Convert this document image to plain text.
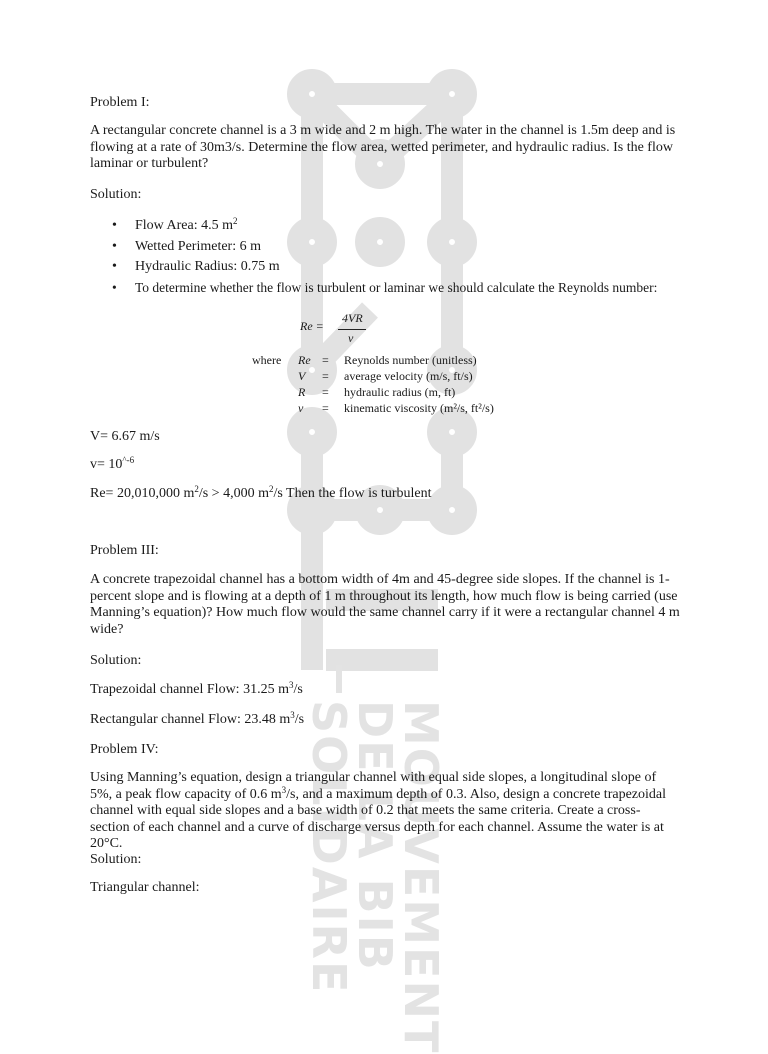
MOUVEMENT
DE LA BIB
SOLIDAIRE
Problem I:
A rectangular concrete channel is a 3 m wide and 2 m high. The water in the channel is 1.5m deep and is flowing at a rate of 30m3/s. Determine the flow area, wetted perimeter, and hydraulic radius. Is the flow laminar or turbulent?
Solution:
• Flow Area: 4.5 $m^2$
• Wetted Perimeter: 6 m
• Hydraulic Radius: 0.75 m
• To determine whether the flow is turbulent or laminar we should calculate the Reynolds number:
Re =
4VR
ν
where Re = Reynolds number (unitless)
V = average velocity (m/s, ft/s)
R = hydraulic radius (m, ft)
ν = kinematic viscosity (m²/s, ft²/s)
V= 6.67 m/s
$v= 10^{\^{}-6}$
Re= 20,010,000 $m^2/s > 4,000$ $m^2/s$ Then the flow is turbulent
Problem III:
A concrete trapezoidal channel has a bottom width of 4m and 45-degree side slopes. If the channel is 1-percent slope and is flowing at a depth of 1 m throughout its length, how much flow is being carried (use Manning’s equation)? How much flow would the same channel carry if it were a rectangular channel 4 m wide?
Solution:
Trapezoidal channel Flow: 31.25 $m^3/s$
Rectangular channel Flow: 23.48 $m^3/s$
Problem IV:
Using Manning’s equation, design a triangular channel with equal side slopes, a longitudinal slope of 5%, a peak flow capacity of 0.6 $m^3/s$, and a maximum depth of 0.3. Also, design a concrete trapezoidal channel with equal side slopes and a base width of 0.2 that meets the same criteria. Create a cross-section of each channel and a curve of discharge versus depth for each channel. Assume the water is at 20°C.
Solution:
Triangular channel:
